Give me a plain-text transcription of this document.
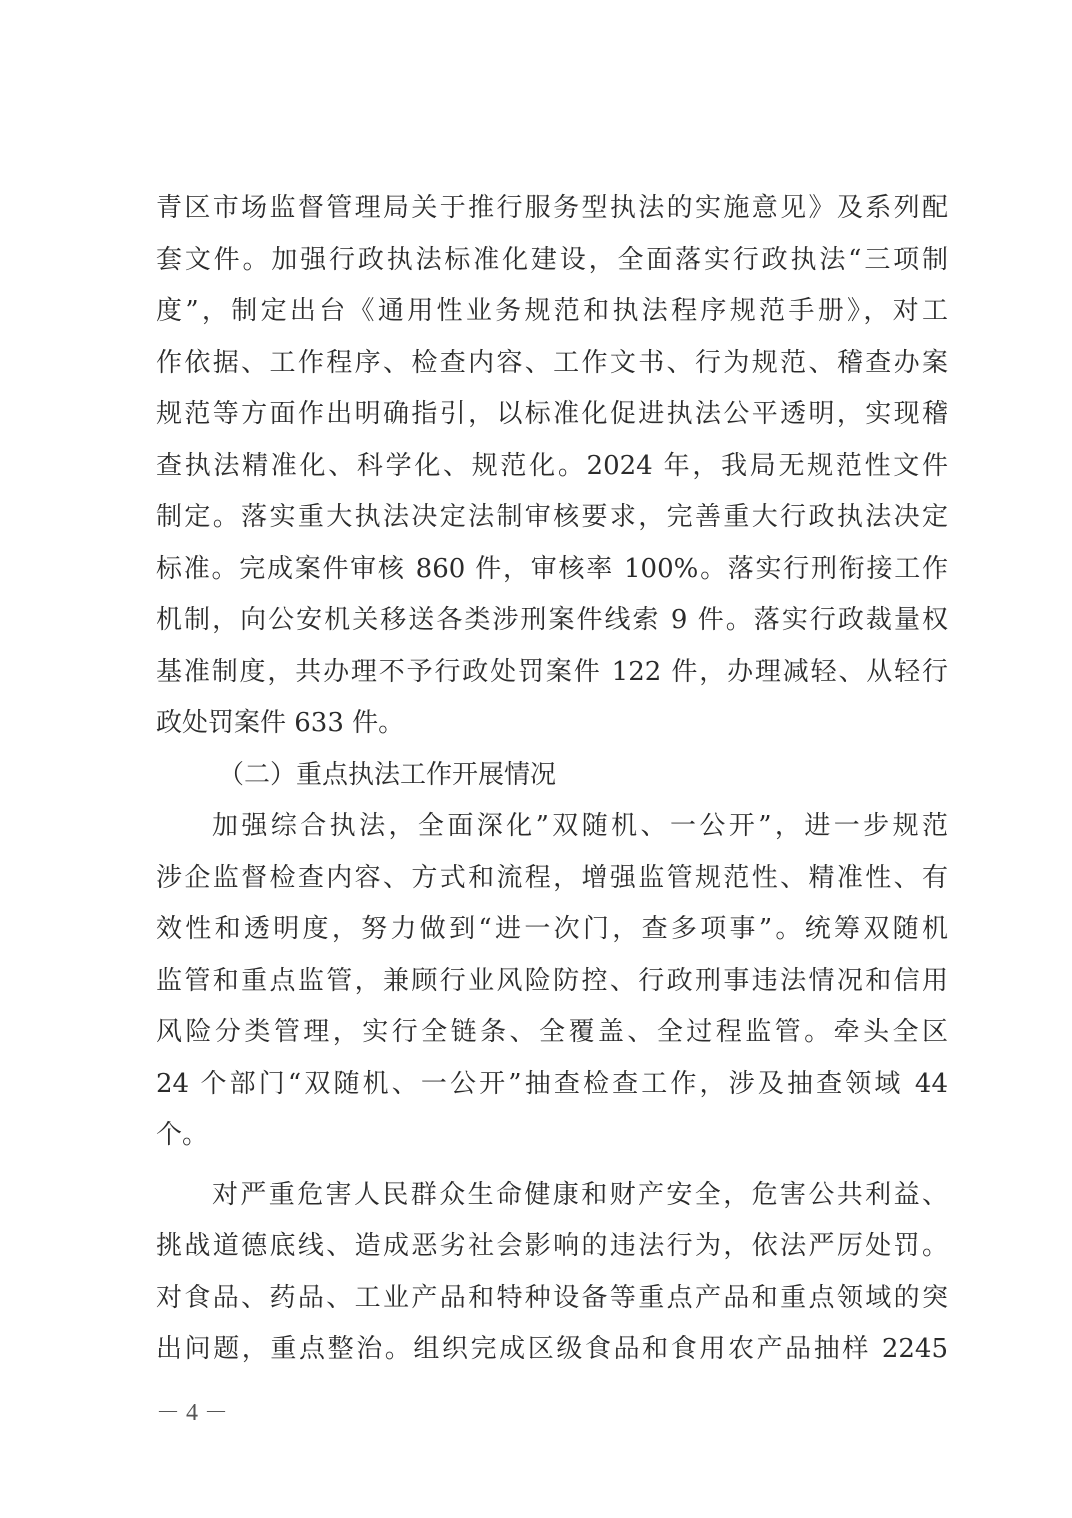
青区市场监督管理局关于推行服务型执法的实施意见》及系列配
套文件。加强行政执法标准化建设，全面落实行政执法“三项制
度”，制定出台《通用性业务规范和执法程序规范手册》，对工
作依据、工作程序、检查内容、工作文书、行为规范、稽查办案
规范等方面作出明确指引，以标准化促进执法公平透明，实现稽
查执法精准化、科学化、规范化。2024 年，我局无规范性文件
制定。落实重大执法决定法制审核要求，完善重大行政执法决定
标准。完成案件审核 860 件，审核率 100%。落实行刑衔接工作
机制，向公安机关移送各类涉刑案件线索 9 件。落实行政裁量权
基准制度，共办理不予行政处罚案件 122 件，办理减轻、从轻行
政处罚案件 633 件。
（二）重点执法工作开展情况
加强综合执法，全面深化”双随机、一公开”，进一步规范
涉企监督检查内容、方式和流程，增强监管规范性、精准性、有
效性和透明度，努力做到“进一次门，查多项事”。统筹双随机
监管和重点监管，兼顾行业风险防控、行政刑事违法情况和信用
风险分类管理，实行全链条、全覆盖、全过程监管。牵头全区
24 个部门“双随机、一公开”抽查检查工作，涉及抽查领域 44
个。
对严重危害人民群众生命健康和财产安全，危害公共利益、
挑战道德底线、造成恶劣社会影响的违法行为，依法严厉处罚。
对食品、药品、工业产品和特种设备等重点产品和重点领域的突
出问题，重点整治。组织完成区级食品和食用农产品抽样 2245
－ 4 －
